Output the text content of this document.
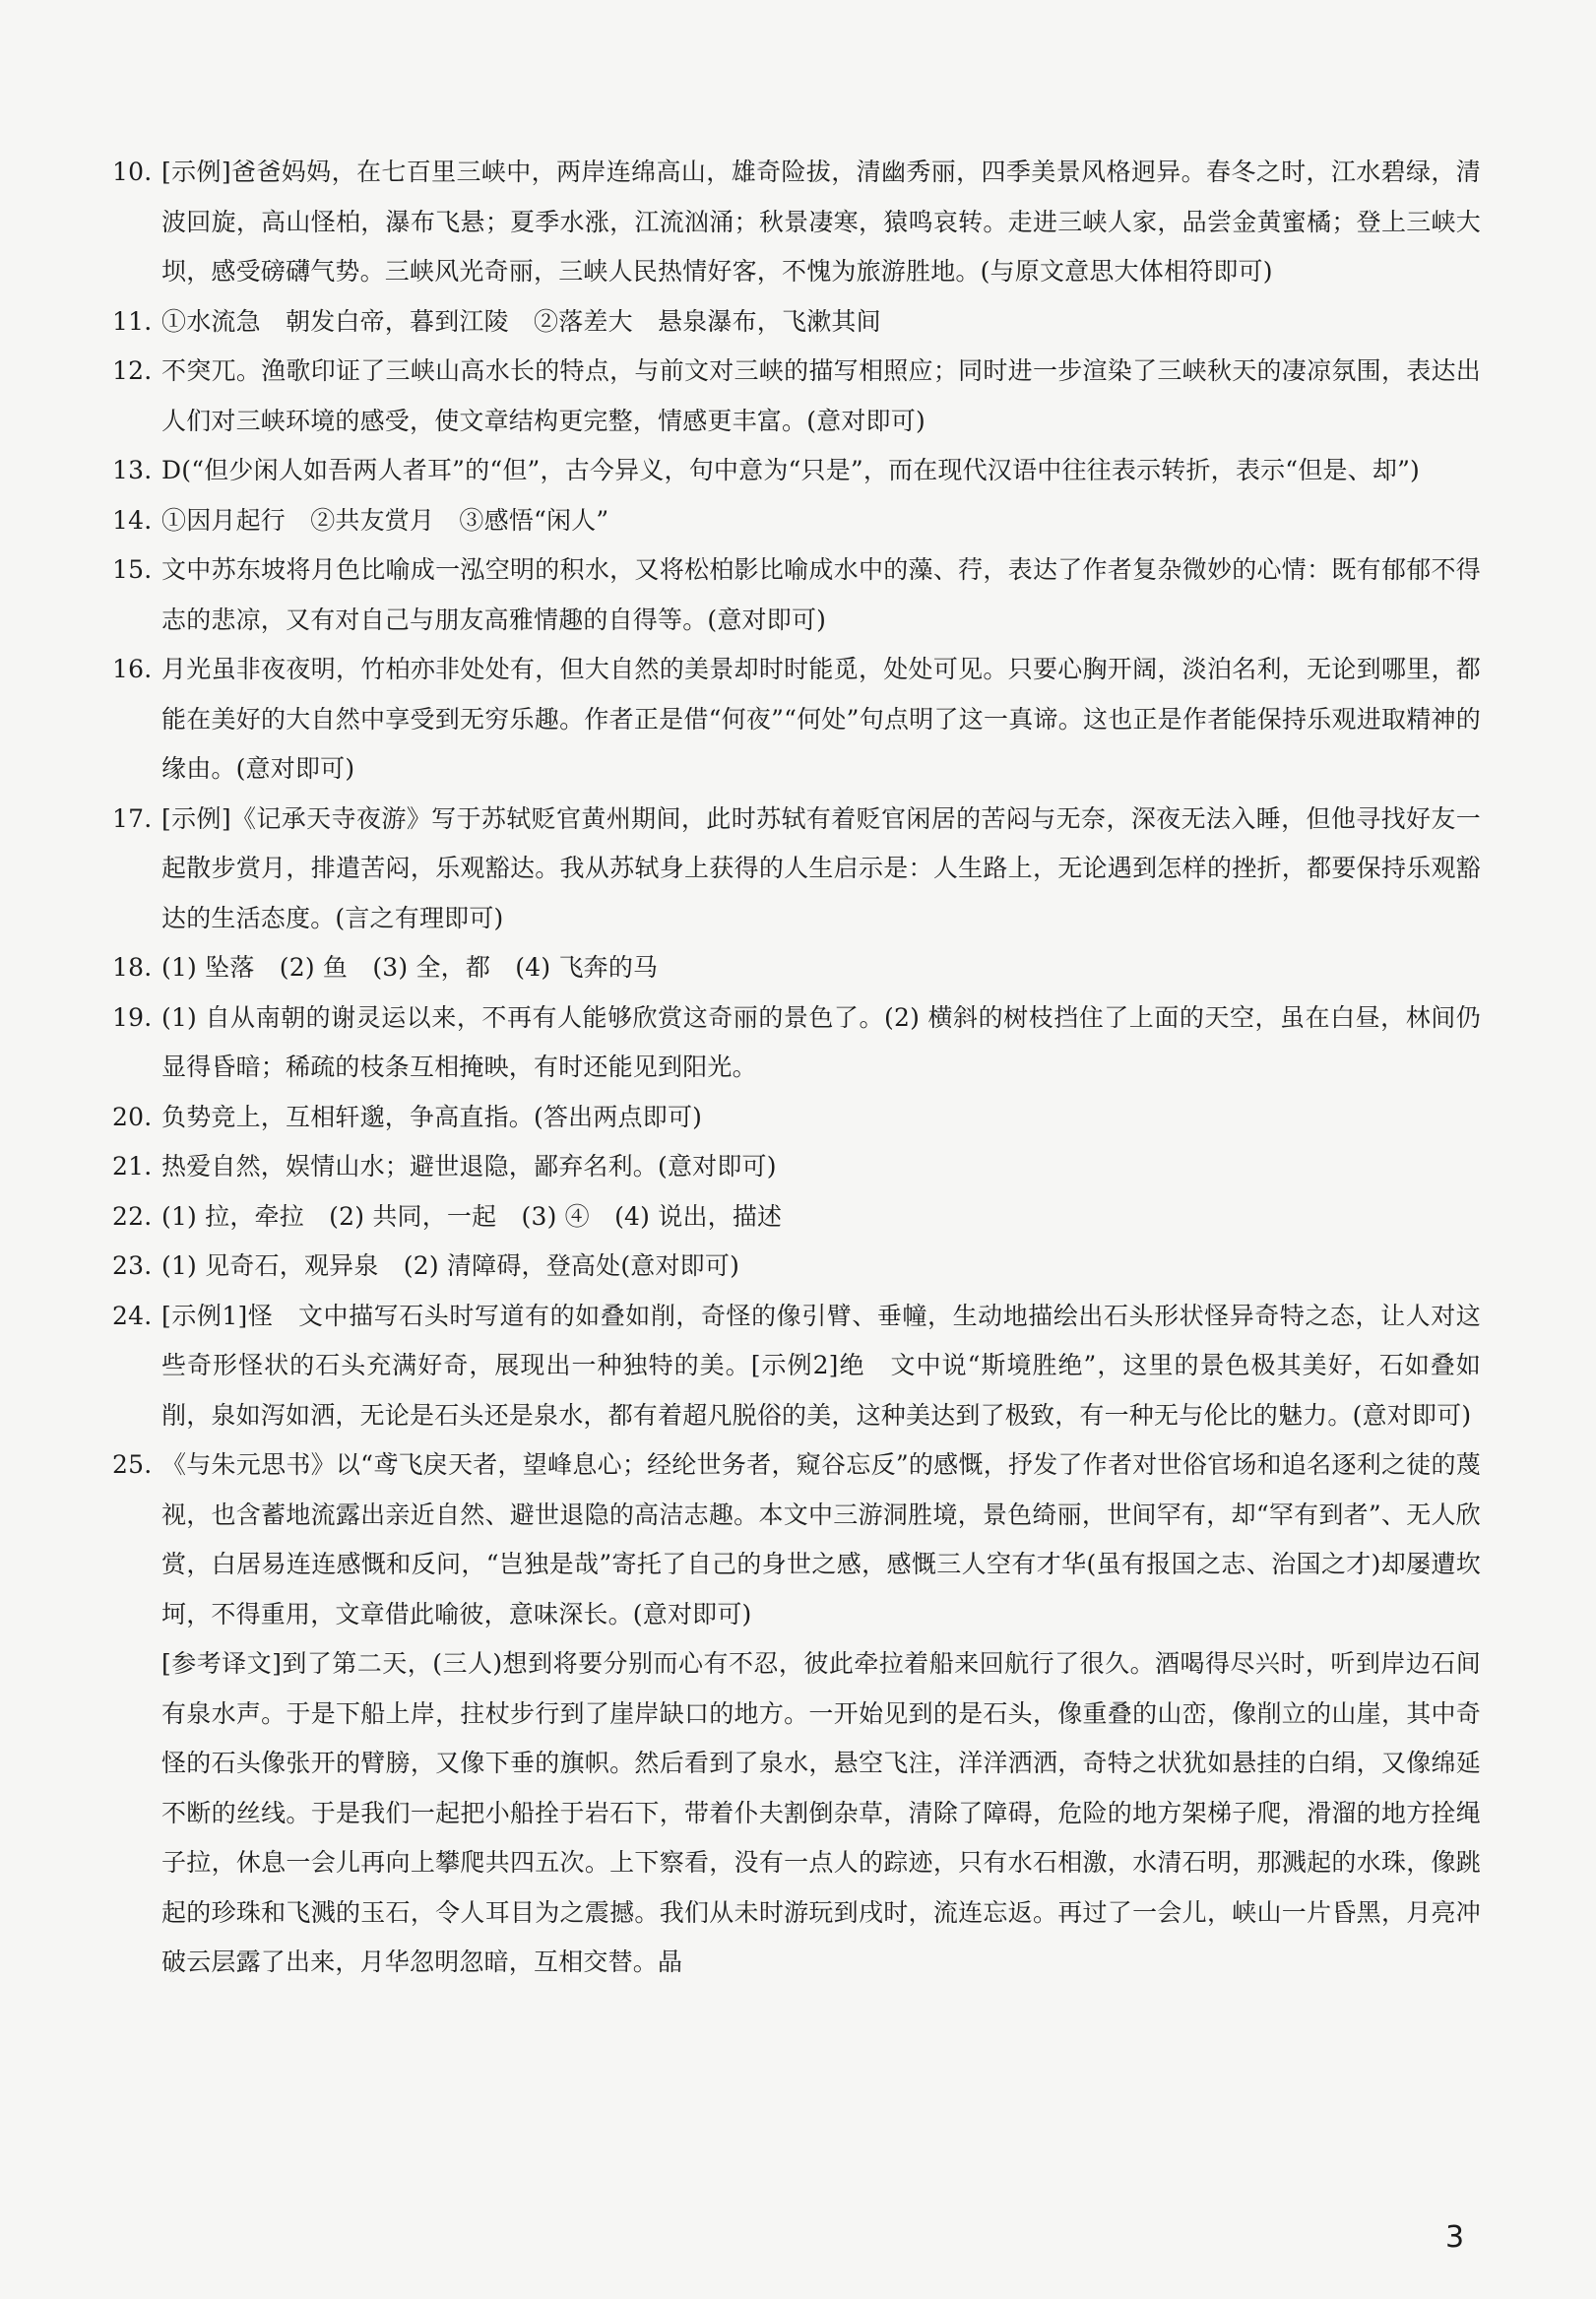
10. [示例]爸爸妈妈，在七百里三峡中，两岸连绵高山，雄奇险拔，清幽秀丽，四季美景风格迥异。春冬之时，江水碧绿，清波回旋，高山怪柏，瀑布飞悬；夏季水涨，江流汹涌；秋景凄寒，猿鸣哀转。走进三峡人家，品尝金黄蜜橘；登上三峡大坝，感受磅礴气势。三峡风光奇丽，三峡人民热情好客，不愧为旅游胜地。(与原文意思大体相符即可)
11. ①水流急　朝发白帝，暮到江陵　②落差大　悬泉瀑布，飞漱其间
12. 不突兀。渔歌印证了三峡山高水长的特点，与前文对三峡的描写相照应；同时进一步渲染了三峡秋天的凄凉氛围，表达出人们对三峡环境的感受，使文章结构更完整，情感更丰富。(意对即可)
13. D(“但少闲人如吾两人者耳”的“但”，古今异义，句中意为“只是”，而在现代汉语中往往表示转折，表示“但是、却”)
14. ①因月起行　②共友赏月　③感悟“闲人”
15. 文中苏东坡将月色比喻成一泓空明的积水，又将松柏影比喻成水中的藻、荇，表达了作者复杂微妙的心情：既有郁郁不得志的悲凉，又有对自己与朋友高雅情趣的自得等。(意对即可)
16. 月光虽非夜夜明，竹柏亦非处处有，但大自然的美景却时时能觅，处处可见。只要心胸开阔，淡泊名利，无论到哪里，都能在美好的大自然中享受到无穷乐趣。作者正是借“何夜”“何处”句点明了这一真谛。这也正是作者能保持乐观进取精神的缘由。(意对即可)
17. [示例]《记承天寺夜游》写于苏轼贬官黄州期间，此时苏轼有着贬官闲居的苦闷与无奈，深夜无法入睡，但他寻找好友一起散步赏月，排遣苦闷，乐观豁达。我从苏轼身上获得的人生启示是：人生路上，无论遇到怎样的挫折，都要保持乐观豁达的生活态度。(言之有理即可)
18. (1) 坠落　(2) 鱼　(3) 全，都　(4) 飞奔的马
19. (1) 自从南朝的谢灵运以来，不再有人能够欣赏这奇丽的景色了。(2) 横斜的树枝挡住了上面的天空，虽在白昼，林间仍显得昏暗；稀疏的枝条互相掩映，有时还能见到阳光。
20. 负势竞上，互相轩邈，争高直指。(答出两点即可)
21. 热爱自然，娱情山水；避世退隐，鄙弃名利。(意对即可)
22. (1) 拉，牵拉　(2) 共同，一起　(3) ④　(4) 说出，描述
23. (1) 见奇石，观异泉　(2) 清障碍，登高处(意对即可)
24. [示例1]怪　文中描写石头时写道有的如叠如削，奇怪的像引臂、垂幢，生动地描绘出石头形状怪异奇特之态，让人对这些奇形怪状的石头充满好奇，展现出一种独特的美。[示例2]绝　文中说“斯境胜绝”，这里的景色极其美好，石如叠如削，泉如泻如洒，无论是石头还是泉水，都有着超凡脱俗的美，这种美达到了极致，有一种无与伦比的魅力。(意对即可)
25. 《与朱元思书》以“鸢飞戾天者，望峰息心；经纶世务者，窥谷忘反”的感慨，抒发了作者对世俗官场和追名逐利之徒的蔑视，也含蓄地流露出亲近自然、避世退隐的高洁志趣。本文中三游洞胜境，景色绮丽，世间罕有，却“罕有到者”、无人欣赏，白居易连连感慨和反问，“岂独是哉”寄托了自己的身世之感，感慨三人空有才华(虽有报国之志、治国之才)却屡遭坎坷，不得重用，文章借此喻彼，意味深长。(意对即可)
[参考译文]到了第二天，(三人)想到将要分别而心有不忍，彼此牵拉着船来回航行了很久。酒喝得尽兴时，听到岸边石间有泉水声。于是下船上岸，拄杖步行到了崖岸缺口的地方。一开始见到的是石头，像重叠的山峦，像削立的山崖，其中奇怪的石头像张开的臂膀，又像下垂的旗帜。然后看到了泉水，悬空飞注，洋洋洒洒，奇特之状犹如悬挂的白绢，又像绵延不断的丝线。于是我们一起把小船拴于岩石下，带着仆夫割倒杂草，清除了障碍，危险的地方架梯子爬，滑溜的地方拴绳子拉，休息一会儿再向上攀爬共四五次。上下察看，没有一点人的踪迹，只有水石相激，水清石明，那溅起的水珠，像跳起的珍珠和飞溅的玉石，令人耳目为之震撼。我们从未时游玩到戌时，流连忘返。再过了一会儿，峡山一片昏黑，月亮冲破云层露了出来，月华忽明忽暗，互相交替。晶
3
